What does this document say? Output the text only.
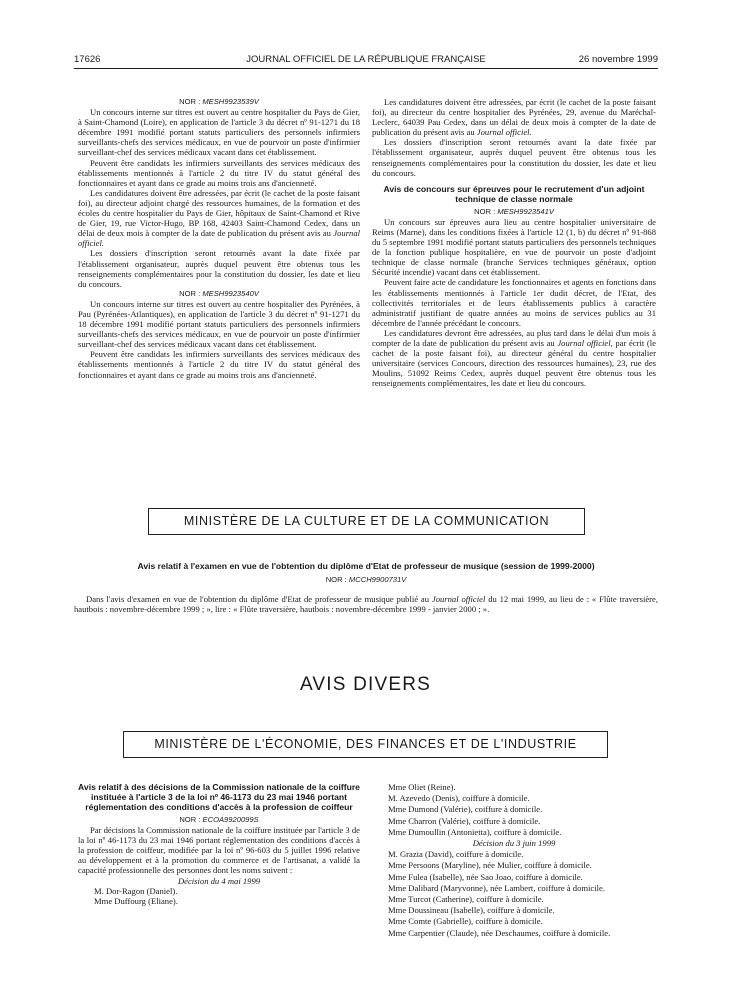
17626	JOURNAL OFFICIEL DE LA RÉPUBLIQUE FRANÇAISE	26 novembre 1999

NOR : MESH9923539V

Un concours interne sur titres est ouvert au centre hospitalier du Pays de Gier, à Saint-Chamond (Loire), en application de l'article 3 du décret nº 91-1271 du 18 décembre 1991 modifié portant statuts particuliers des personnels infirmiers surveillants-chefs des services médicaux, en vue de pourvoir un poste d'infirmier surveillant-chef des services médicaux vacant dans cet établissement.

Peuvent être candidats les infirmiers surveillants des services médicaux des établissements mentionnés à l'article 2 du titre IV du statut général des fonctionnaires et ayant dans ce grade au moins trois ans d'ancienneté.

Les candidatures doivent être adressées, par écrit (le cachet de la poste faisant foi), au directeur adjoint chargé des ressources humaines, de la formation et des écoles du centre hospitalier du Pays de Gier, hôpitaux de Saint-Chamond et Rive de Gier, 19, rue Victor-Hugo, BP 168, 42403 Saint-Chamond Cedex, dans un délai de deux mois à compter de la date de publication du présent avis au Journal officiel.

Les dossiers d'inscription seront retournés avant la date fixée par l'établissement organisateur, auprès duquel peuvent être obtenus tous les renseignements complémentaires pour la constitution du dossier, les date et lieu du concours.

NOR : MESH9923540V

Un concours interne sur titres est ouvert au centre hospitalier des Pyrénées, à Pau (Pyrénées-Atlantiques), en application de l'article 3 du décret nº 91-1271 du 18 décembre 1991 modifié portant statuts particuliers des personnels infirmiers surveillants-chefs des services médicaux, en vue de pourvoir un poste d'infirmier surveillant-chef des services médicaux vacant dans cet établissement.

Peuvent être candidats les infirmiers surveillants des services médicaux des établissements mentionnés à l'article 2 du titre IV du statut général des fonctionnaires et ayant dans ce grade au moins trois ans d'ancienneté.

Les candidatures doivent être adressées, par écrit (le cachet de la poste faisant foi), au directeur du centre hospitalier des Pyrénées, 29, avenue du Maréchal-Leclerc, 64039 Pau Cedex, dans un délai de deux mois à compter de la date de publication du présent avis au Journal officiel.

Les dossiers d'inscription seront retournés avant la date fixée par l'établissement organisateur, auprès duquel peuvent être obtenus tous les renseignements complémentaires pour la constitution du dossier, les date et lieu du concours.

Avis de concours sur épreuves pour le recrutement d'un adjoint technique de classe normale

NOR : MESH9923541V

Un concours sur épreuves aura lieu au centre hospitalier universitaire de Reims (Marne), dans les conditions fixées à l'article 12 (1, b) du décret nº 91-868 du 5 septembre 1991 modifié portant statuts particuliers des personnels techniques de la fonction publique hospitalière, en vue de pourvoir un poste d'adjoint technique de classe normale (branche Services techniques généraux, option Sécurité incendie) vacant dans cet établissement.

Peuvent faire acte de candidature les fonctionnaires et agents en fonctions dans les établissements mentionnés à l'article 1er dudit décret, de l'Etat, des collectivités territoriales et de leurs établissements publics à caractère administratif justifiant de quatre années au moins de services publics au 31 décembre de l'année précédant le concours.

Les candidatures devront être adressées, au plus tard dans le délai d'un mois à compter de la date de publication du présent avis au Journal officiel, par écrit (le cachet de la poste faisant foi), au directeur général du centre hospitalier universitaire (services Concours, direction des ressources humaines), 23, rue des Moulins, 51092 Reims Cedex, auprès duquel peuvent être obtenus tous les renseignements complémentaires, les date et lieu du concours.

MINISTÈRE DE LA CULTURE ET DE LA COMMUNICATION
Avis relatif à l'examen en vue de l'obtention du diplôme d'Etat de professeur de musique (session de 1999-2000)
NOR : MCCH9900731V

Dans l'avis d'examen en vue de l'obtention du diplôme d'Etat de professeur de musique publié au Journal officiel du 12 mai 1999, au lieu de : « Flûte traversière, hautbois : novembre-décembre 1999 ; », lire : « Flûte traversière, hautbois : novembre-décembre 1999 - janvier 2000 ; ».

AVIS DIVERS
MINISTÈRE DE L'ÉCONOMIE, DES FINANCES ET DE L'INDUSTRIE
Avis relatif à des décisions de la Commission nationale de la coiffure instituée à l'article 3 de la loi nº 46-1173 du 23 mai 1946 portant réglementation des conditions d'accès à la profession de coiffeur

NOR : ECOA9920099S

Par décisions la Commission nationale de la coiffure instituée par l'article 3 de la loi nº 46-1173 du 23 mai 1946 portant réglementation des conditions d'accès à la profession de coiffeur, modifiée par la loi nº 96-603 du 5 juillet 1996 relative au développement et à la promotion du commerce et de l'artisanat, a validé la capacité professionnelle des personnes dont les noms suivent :

Décision du 4 mai 1999

M. Dor-Ragon (Daniel).

Mme Duffourg (Eliane).

Mme Oliet (Reine).

M. Azevedo (Denis), coiffure à domicile.

Mme Dumond (Valérie), coiffure à domicile.

Mme Charron (Valérie), coiffure à domicile.

Mme Dumoullin (Antonietta), coiffure à domicile.

Décision du 3 juin 1999

M. Grazia (David), coiffure à domicile.

Mme Persoons (Maryline), née Mulier, coiffure à domicile.

Mme Fulea (Isabelle), née Sao Joao, coiffure à domicile.

Mme Dalibard (Maryvonne), née Lambert, coiffure à domicile.

Mme Turcot (Catherine), coiffure à domicile.

Mme Doussineau (Isabelle), coiffure à domicile.

Mme Comte (Gabrielle), coiffure à domicile.

Mme Carpentier (Claude), née Deschaumes, coiffure à domicile.
